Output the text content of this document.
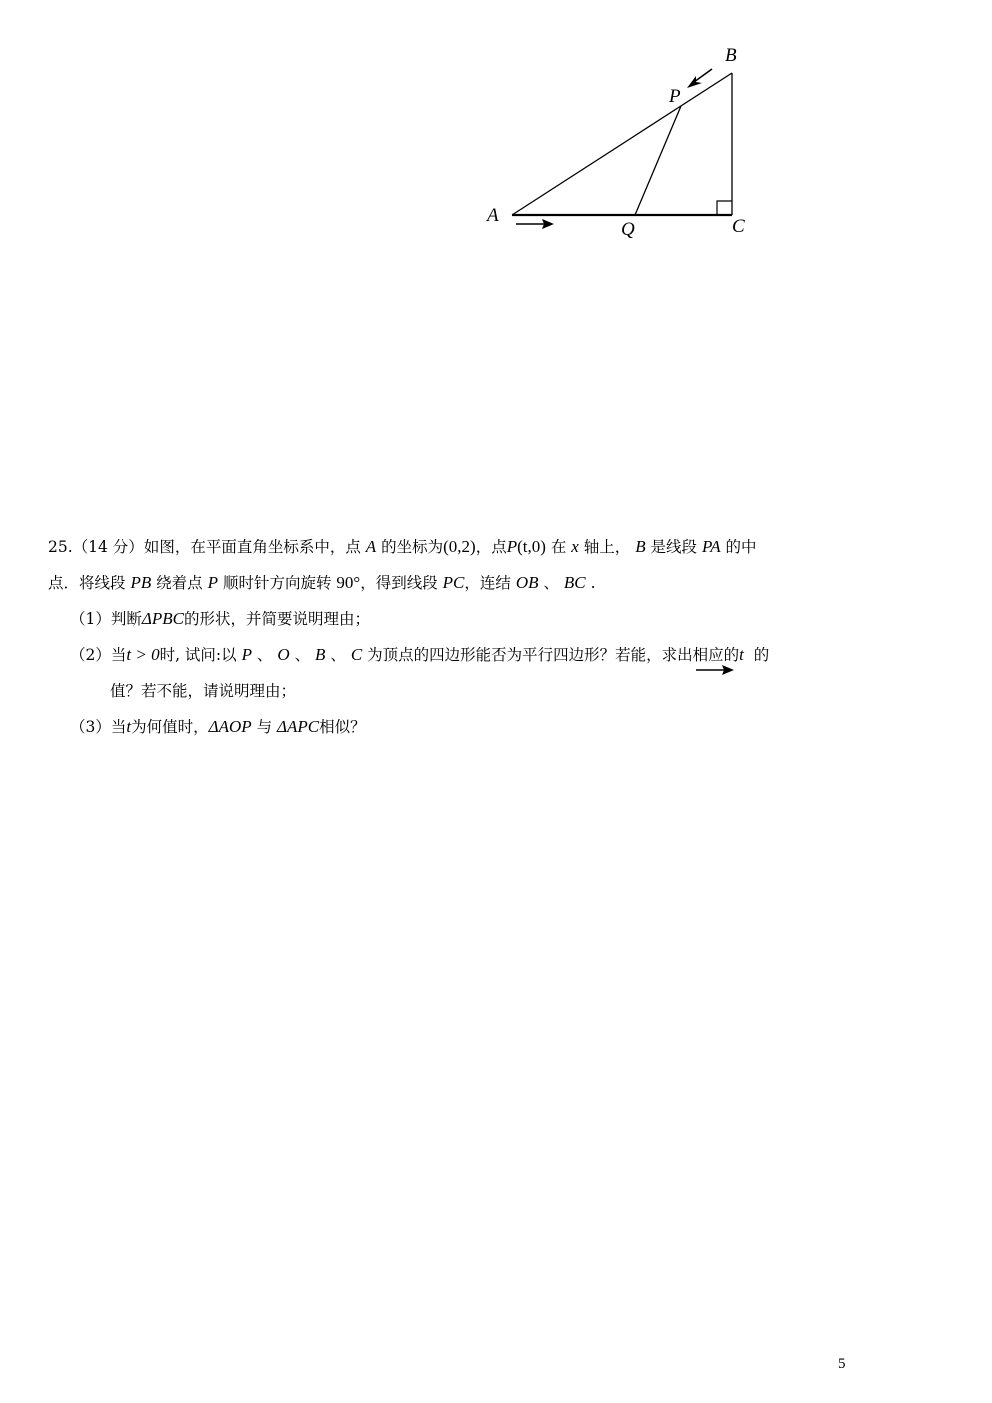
A
B
C
P
Q
25.（14 分）如图，在平面直角坐标系中，点 A 的坐标为(0,2)，点P(t,0) 在 x 轴上， B 是线段 PA 的中
点．将线段 PB 绕着点 P 顺时针方向旋转 90°，得到线段 PC，连结 OB 、 BC .
（1）判断ΔPBC的形状，并简要说明理由；
（2）当t > 0时, 试问:以 P 、 O 、 B 、 C 为顶点的四边形能否为平行四边形？若能，求出相应的t 的
值？若不能，请说明理由；
（3）当t为何值时，ΔAOP 与 ΔAPC相似？
5
